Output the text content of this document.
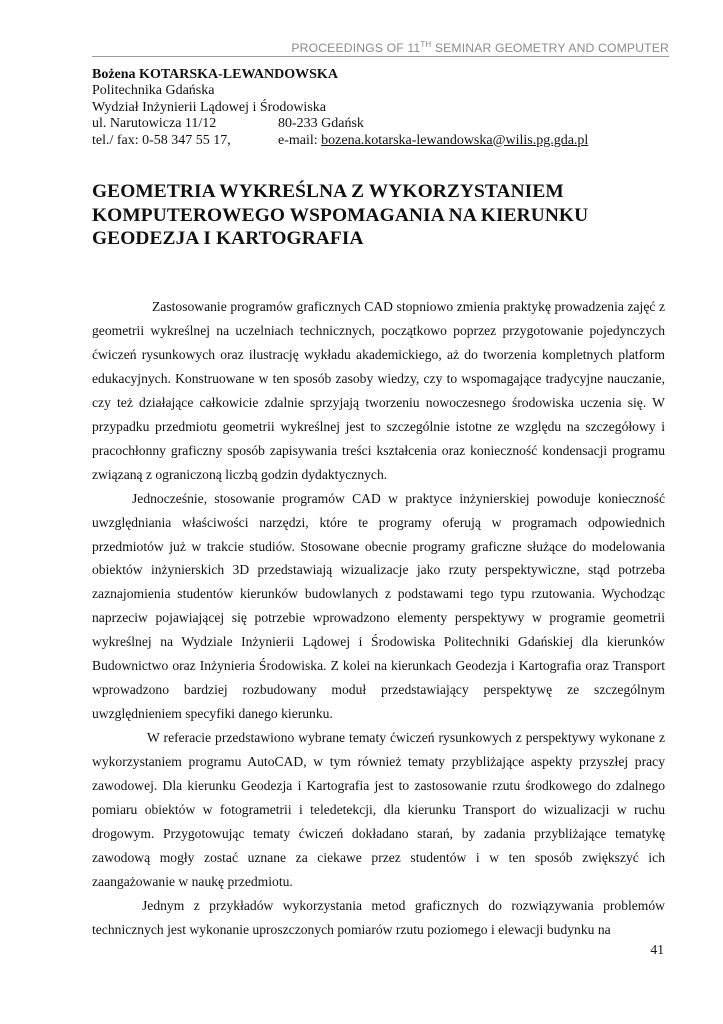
PROCEEDINGS OF 11TH SEMINAR GEOMETRY AND COMPUTER
Bożena KOTARSKA-LEWANDOWSKA
Politechnika Gdańska
Wydział Inżynierii Lądowej i Środowiska
ul. Narutowicza 11/12	80-233 Gdańsk
tel./ fax: 0-58 347 55 17,	e-mail: bozena.kotarska-lewandowska@wilis.pg.gda.pl
GEOMETRIA WYKREŚLNA Z WYKORZYSTANIEM KOMPUTEROWEGO WSPOMAGANIA NA KIERUNKU GEODEZJA I KARTOGRAFIA

Zastosowanie programów graficznych CAD stopniowo zmienia praktykę prowadzenia zajęć z geometrii wykreślnej na uczelniach technicznych, początkowo poprzez przygotowanie pojedynczych ćwiczeń rysunkowych oraz ilustrację wykładu akademickiego, aż do tworzenia kompletnych platform edukacyjnych. Konstruowane w ten sposób zasoby wiedzy, czy to wspomagające tradycyjne nauczanie, czy też działające całkowicie zdalnie sprzyjają tworzeniu nowoczesnego środowiska uczenia się. W przypadku przedmiotu geometrii wykreślnej jest to szczególnie istotne ze względu na szczegółowy i pracochłonny graficzny sposób zapisywania treści kształcenia oraz konieczność kondensacji programu związaną z ograniczoną liczbą godzin dydaktycznych.

Jednocześnie, stosowanie programów CAD w praktyce inżynierskiej powoduje konieczność uwzględniania właściwości narzędzi, które te programy oferują w programach odpowiednich przedmiotów już w trakcie studiów. Stosowane obecnie programy graficzne służące do modelowania obiektów inżynierskich 3D przedstawiają wizualizacje jako rzuty perspektywiczne, stąd potrzeba zaznajomienia studentów kierunków budowlanych z podstawami tego typu rzutowania. Wychodząc naprzeciw pojawiającej się potrzebie wprowadzono elementy perspektywy w programie geometrii wykreślnej na Wydziale Inżynierii Lądowej i Środowiska Politechniki Gdańskiej dla kierunków Budownictwo oraz Inżynieria Środowiska. Z kolei na kierunkach Geodezja i Kartografia oraz Transport wprowadzono bardziej rozbudowany moduł przedstawiający perspektywę ze szczególnym uwzględnieniem specyfiki danego kierunku.

W referacie przedstawiono wybrane tematy ćwiczeń rysunkowych z perspektywy wykonane z wykorzystaniem programu AutoCAD, w tym również tematy przybliżające aspekty przyszłej pracy zawodowej. Dla kierunku Geodezja i Kartografia jest to zastosowanie rzutu środkowego do zdalnego pomiaru obiektów w fotogrametrii i teledetekcji, dla kierunku Transport do wizualizacji w ruchu drogowym. Przygotowując tematy ćwiczeń dokładano starań, by zadania przybliżające tematykę zawodową mogły zostać uznane za ciekawe przez studentów i w ten sposób zwiększyć ich zaangażowanie w naukę przedmiotu.

Jednym z przykładów wykorzystania metod graficznych do rozwiązywania problemów technicznych jest wykonanie uproszczonych pomiarów rzutu poziomego i elewacji budynku na

41
